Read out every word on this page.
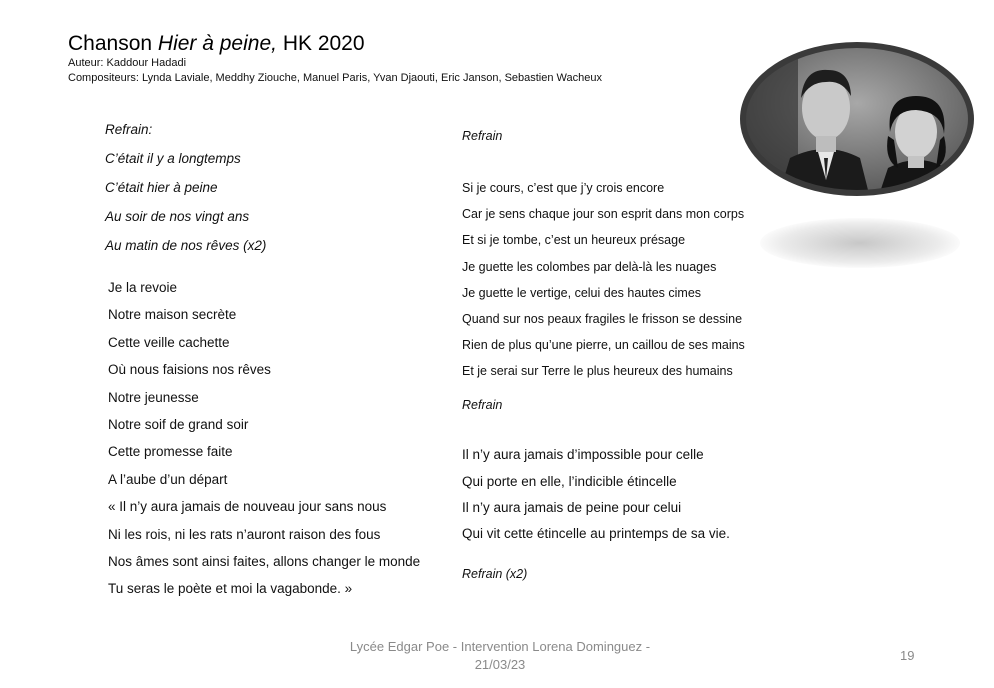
Chanson Hier à peine, HK 2020
Auteur: Kaddour Hadadi
Compositeurs: Lynda Laviale, Meddhy Ziouche, Manuel Paris, Yvan Djaouti, Eric Janson, Sebastien Wacheux
Refrain:
C’était il y a longtemps
C’était hier à peine
Au soir de nos vingt ans
Au matin de nos rêves (x2)
Je la revoie
Notre maison secrète
Cette veille cachette
Où nous faisions nos rêves
Notre jeunesse
Notre soif de grand soir
Cette promesse faite
A l’aube d’un départ
« Il n’y aura jamais de nouveau jour sans nous
Ni les rois, ni les rats n’auront raison des fous
Nos âmes sont ainsi faites, allons changer le monde
Tu seras le poète et moi la vagabonde. »
Refrain
Si je cours, c’est que j’y crois encore
Car je sens chaque jour son esprit dans mon corps
Et si je tombe, c’est un heureux présage
Je guette les colombes par delà-là les nuages
Je guette le vertige, celui des hautes cimes
Quand sur nos peaux fragiles le frisson se dessine
Rien de plus qu’une pierre, un caillou de ses mains
Et je serai sur Terre le plus heureux des humains
Refrain
Il n’y aura jamais d’impossible pour celle
Qui porte en elle, l’indicible étincelle
Il n’y aura jamais de peine pour celui
Qui vit cette étincelle au printemps de sa vie.
Refrain (x2)
Lycée Edgar Poe - Intervention Lorena Dominguez -
21/03/23
19
